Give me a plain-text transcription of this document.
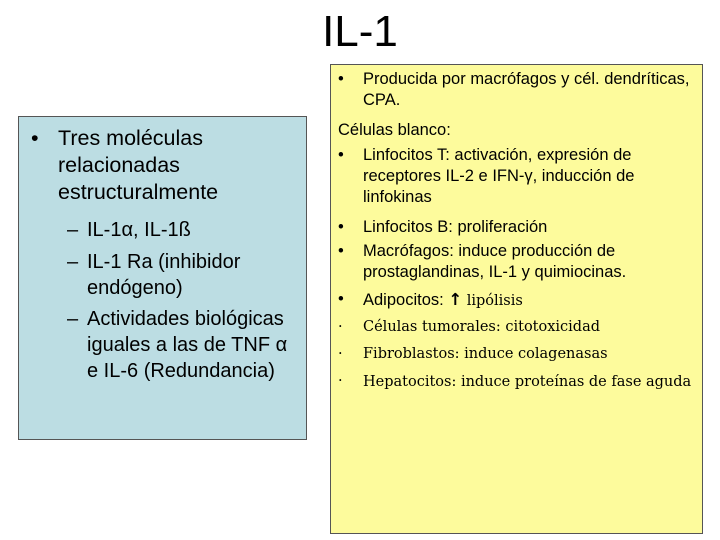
IL-1
• Tres moléculas relacionadas estructuralmente
– IL-1α, IL-1ß
– IL-1 Ra (inhibidor endógeno)
– Actividades biológicas iguales a las de TNF α e IL-6 (Redundancia)
• Producida por macrófagos y cél. dendríticas, CPA.
Células blanco:
• Linfocitos T: activación, expresión de receptores IL-2 e IFN-γ, inducción de linfokinas
• Linfocitos B: proliferación
• Macrófagos: induce producción de prostaglandinas, IL-1 y quimiocinas.
• Adipocitos: ↑ lipólisis
· Células tumorales: citotoxicidad
· Fibroblastos: induce colagenasas
· Hepatocitos: induce proteínas de fase aguda
